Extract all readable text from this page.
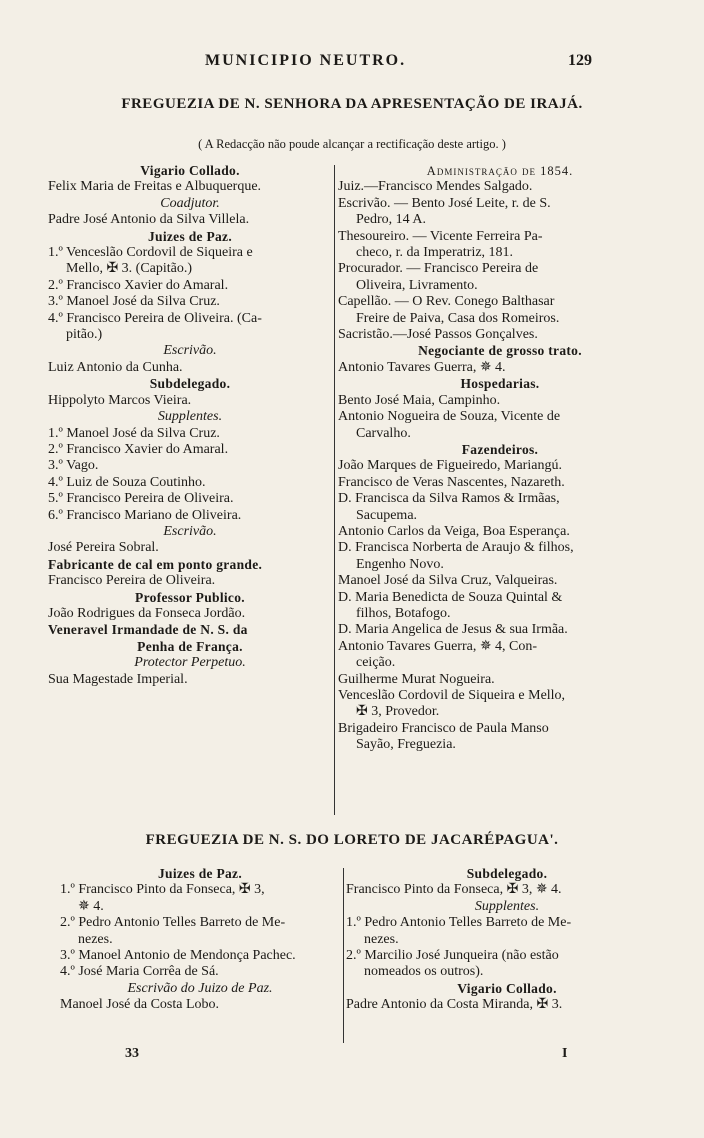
MUNICIPIO NEUTRO.	129
FREGUEZIA DE N. SENHORA DA APRESENTAÇÃO DE IRAJÁ.
( A Redacção não poude alcançar a rectificação deste artigo. )
Vigario Collado.
Felix Maria de Freitas e Albuquerque.
Coadjutor.
Padre José Antonio da Silva Villela.
Juizes de Paz.
1.º Venceslão Cordovil de Siqueira e
Mello, ✠ 3. (Capitão.)
2.º Francisco Xavier do Amaral.
3.º Manoel José da Silva Cruz.
4.º Francisco Pereira de Oliveira. (Ca-
pitão.)
Escrivão.
Luiz Antonio da Cunha.
Subdelegado.
Hippolyto Marcos Vieira.
Supplentes.
1.º Manoel José da Silva Cruz.
2.º Francisco Xavier do Amaral.
3.º Vago.
4.º Luiz de Souza Coutinho.
5.º Francisco Pereira de Oliveira.
6.º Francisco Mariano de Oliveira.
Escrivão.
José Pereira Sobral.
Fabricante de cal em ponto grande.
Francisco Pereira de Oliveira.
Professor Publico.
João Rodrigues da Fonseca Jordão.
Veneravel Irmandade de N. S. da
Penha de França.
Protector Perpetuo.
Sua Magestade Imperial.
Administração de 1854.
Juiz.—Francisco Mendes Salgado.
Escrivão. — Bento José Leite, r. de S.
Pedro, 14 A.
Thesoureiro. — Vicente Ferreira Pa-
checo, r. da Imperatriz, 181.
Procurador. — Francisco Pereira de
Oliveira, Livramento.
Capellão. — O Rev. Conego Balthasar
Freire de Paiva, Casa dos Romeiros.
Sacristão.—José Passos Gonçalves.
Negociante de grosso trato.
Antonio Tavares Guerra, ✵ 4.
Hospedarias.
Bento José Maia, Campinho.
Antonio Nogueira de Souza, Vicente de
Carvalho.
Fazendeiros.
João Marques de Figueiredo, Mariangú.
Francisco de Veras Nascentes, Nazareth.
D. Francisca da Silva Ramos & Irmãas,
Sacupema.
Antonio Carlos da Veiga, Boa Esperança.
D. Francisca Norberta de Araujo & filhos,
Engenho Novo.
Manoel José da Silva Cruz, Valqueiras.
D. Maria Benedicta de Souza Quintal &
filhos, Botafogo.
D. Maria Angelica de Jesus & sua Irmãa.
Antonio Tavares Guerra, ✵ 4, Con-
ceição.
Guilherme Murat Nogueira.
Venceslão Cordovil de Siqueira e Mello,
✠ 3, Provedor.
Brigadeiro Francisco de Paula Manso
Sayão, Freguezia.
FREGUEZIA DE N. S. DO LORETO DE JACARÉPAGUA'.
Juizes de Paz.
1.º Francisco Pinto da Fonseca, ✠ 3,
✵ 4.
2.º Pedro Antonio Telles Barreto de Me-
nezes.
3.º Manoel Antonio de Mendonça Pachec.
4.º José Maria Corrêa de Sá.
Escrivão do Juizo de Paz.
Manoel José da Costa Lobo.
Subdelegado.
Francisco Pinto da Fonseca, ✠ 3, ✵ 4.
Supplentes.
1.º Pedro Antonio Telles Barreto de Me-
nezes.
2.º Marcilio José Junqueira (não estão
nomeados os outros).
Vigario Collado.
Padre Antonio da Costa Miranda, ✠ 3.
33	I
